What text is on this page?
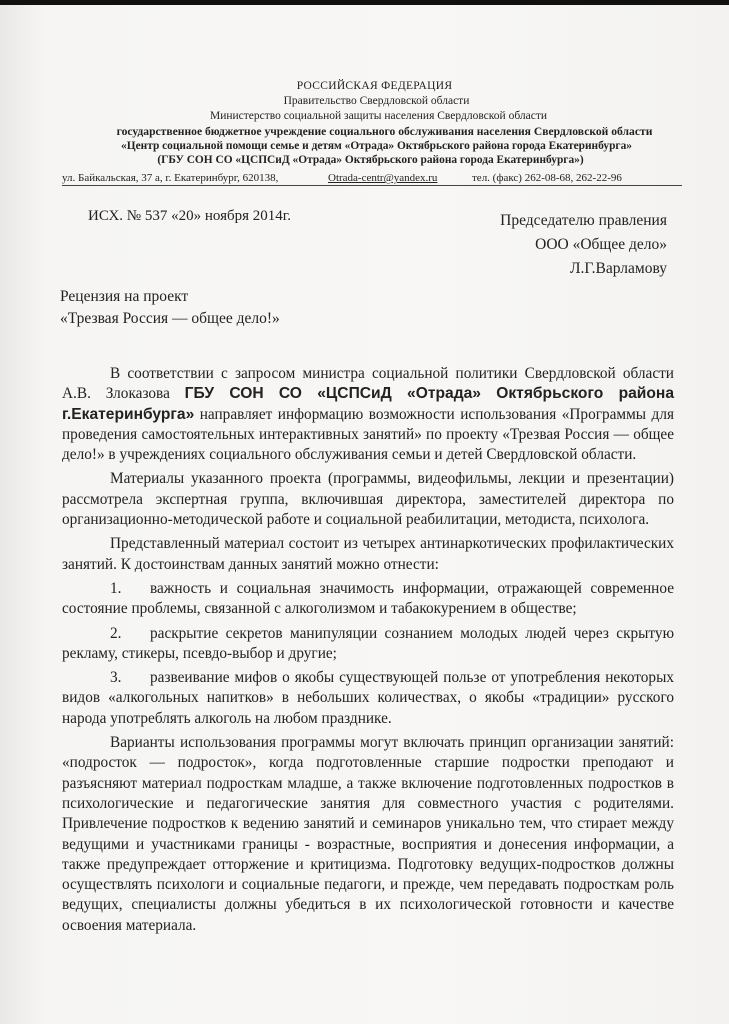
РОССИЙСКАЯ ФЕДЕРАЦИЯ
Правительство Свердловской области
Министерство социальной защиты населения Свердловской области
государственное бюджетное учреждение социального обслуживания населения Свердловской области
«Центр социальной помощи семье и детям «Отрада» Октябрьского района города Екатеринбурга»
(ГБУ СОН СО «ЦСПСиД «Отрада» Октябрьского района города Екатеринбурга»)
ул. Байкальская, 37 а, г. Екатеринбург, 620138,	Otrada-centr@yandex.ru	тел. (факс) 262-08-68, 262-22-96
ИСХ. № 537 «20» ноября 2014г.	Председателю правления
ООО «Общее дело»
Л.Г.Варламову
Рецензия на проект
«Трезвая Россия — общее дело!»

В соответствии с запросом министра социальной политики Свердловской области А.В. Злоказова ГБУ СОН СО «ЦСПСиД «Отрада» Октябрьского района г.Екатеринбурга» направляет информацию возможности использования «Программы для проведения самостоятельных интерактивных занятий» по проекту «Трезвая Россия — общее дело!» в учреждениях социального обслуживания семьи и детей Свердловской области.

Материалы указанного проекта (программы, видеофильмы, лекции и презентации) рассмотрела экспертная группа, включившая директора, заместителей директора по организационно-методической работе и социальной реабилитации, методиста, психолога.

Представленный материал состоит из четырех антинаркотических профилактических занятий. К достоинствам данных занятий можно отнести:

1. важность и социальная значимость информации, отражающей современное состояние проблемы, связанной с алкоголизмом и табакокурением в обществе;

2. раскрытие секретов манипуляции сознанием молодых людей через скрытую рекламу, стикеры, псевдо-выбор и другие;

3. развеивание мифов о якобы существующей пользе от употребления некоторых видов «алкогольных напитков» в небольших количествах, о якобы «традиции» русского народа употреблять алкоголь на любом празднике.

Варианты использования программы могут включать принцип организации занятий: «подросток — подросток», когда подготовленные старшие подростки преподают и разъясняют материал подросткам младше, а также включение подготовленных подростков в психологические и педагогические занятия для совместного участия с родителями. Привлечение подростков к ведению занятий и семинаров уникально тем, что стирает между ведущими и участниками границы - возрастные, восприятия и донесения информации, а также предупреждает отторжение и критицизма. Подготовку ведущих-подростков должны осуществлять психологи и социальные педагоги, и прежде, чем передавать подросткам роль ведущих, специалисты должны убедиться в их психологической готовности и качестве освоения материала.
